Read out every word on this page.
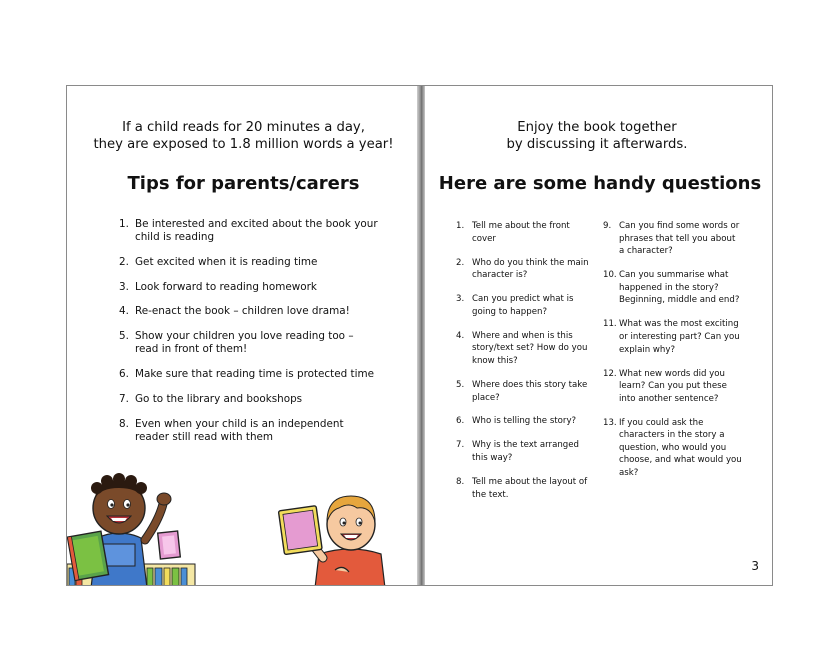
If a child reads for 20 minutes a day,
they are exposed to 1.8 million words a year!
Tips for parents/carers
1. Be interested and excited about the book your child is reading
2. Get excited when it is reading time
3. Look forward to reading homework
4. Re-enact the book – children love drama!
5. Show your children you love reading too – read in front of them!
6. Make sure that reading time is protected time
7. Go to the library and bookshops
8. Even when your child is an independent reader still read with them
Enjoy the book together
by discussing it afterwards.
Here are some handy questions
1. Tell me about the front cover
2. Who do you think the main character is?
3. Can you predict what is going to happen?
4. Where and when is this story/text set? How do you know this?
5. Where does this story take place?
6. Who is telling the story?
7. Why is the text arranged this way?
8. Tell me about the layout of the text.
9. Can you find some words or phrases that tell you about a character?
10. Can you summarise what happened in the story? Beginning, middle and end?
11. What was the most exciting or interesting part? Can you explain why?
12. What new words did you learn? Can you put these into another sentence?
13. If you could ask the characters in the story a question, who would you choose, and what would you ask?
3
